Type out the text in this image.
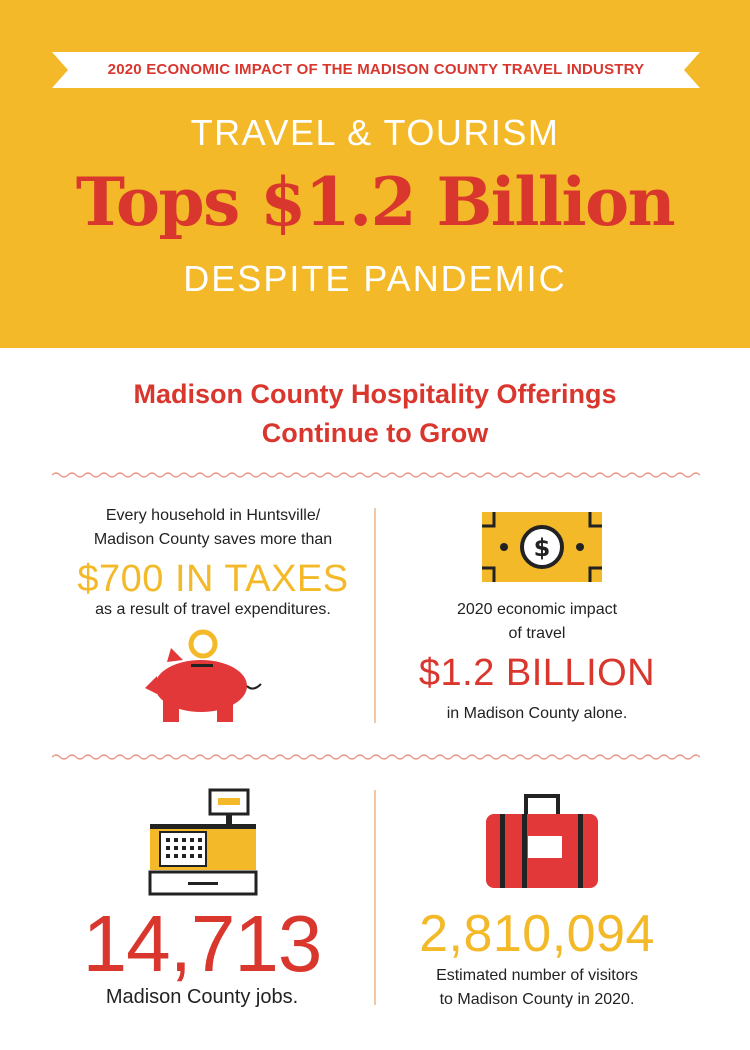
2020 ECONOMIC IMPACT OF THE MADISON COUNTY TRAVEL INDUSTRY
TRAVEL & TOURISM
Tops $1.2 Billion
DESPITE PANDEMIC
Madison County Hospitality Offerings
Continue to Grow
Every household in Huntsville/
Madison County saves more than
$700 IN TAXES
as a result of travel expenditures.
$
2020 economic impact
of travel
$1.2 BILLION
in Madison County alone.
14,713
Madison County jobs.
2,810,094
Estimated number of visitors
to Madison County in 2020.
